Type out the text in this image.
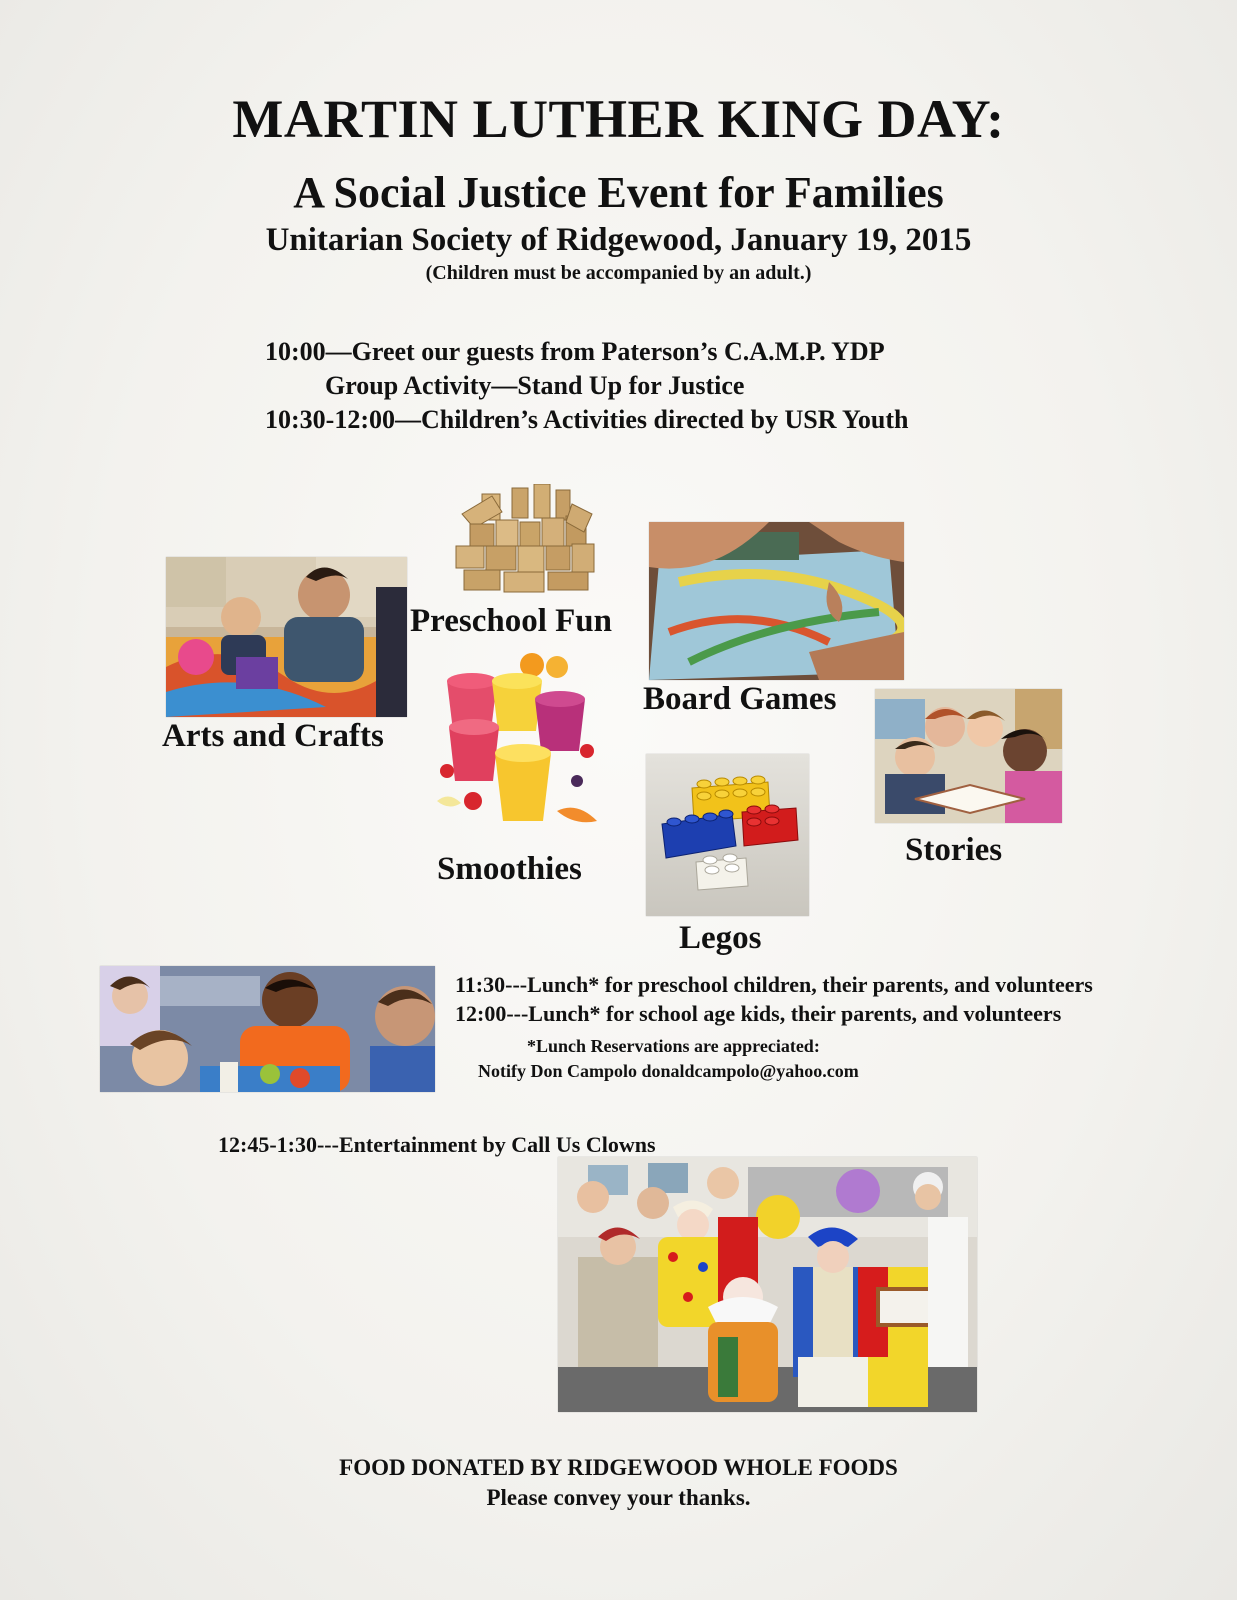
MARTIN LUTHER KING DAY:
A Social Justice Event for Families
Unitarian Society of Ridgewood, January 19, 2015
(Children must be accompanied by an adult.)
10:00—Greet our guests from Paterson’s C.A.M.P. YDP
Group Activity—Stand Up for Justice
10:30-12:00—Children’s Activities directed by USR Youth
Preschool Fun
Arts and Crafts
Board Games
Stories
Smoothies
Legos
11:30---Lunch* for preschool children, their parents, and volunteers
12:00---Lunch* for school age kids, their parents, and volunteers
*Lunch Reservations are appreciated:
Notify Don Campolo donaldcampolo@yahoo.com
12:45-1:30---Entertainment by Call Us Clowns
FOOD DONATED BY RIDGEWOOD WHOLE FOODS
Please convey your thanks.
